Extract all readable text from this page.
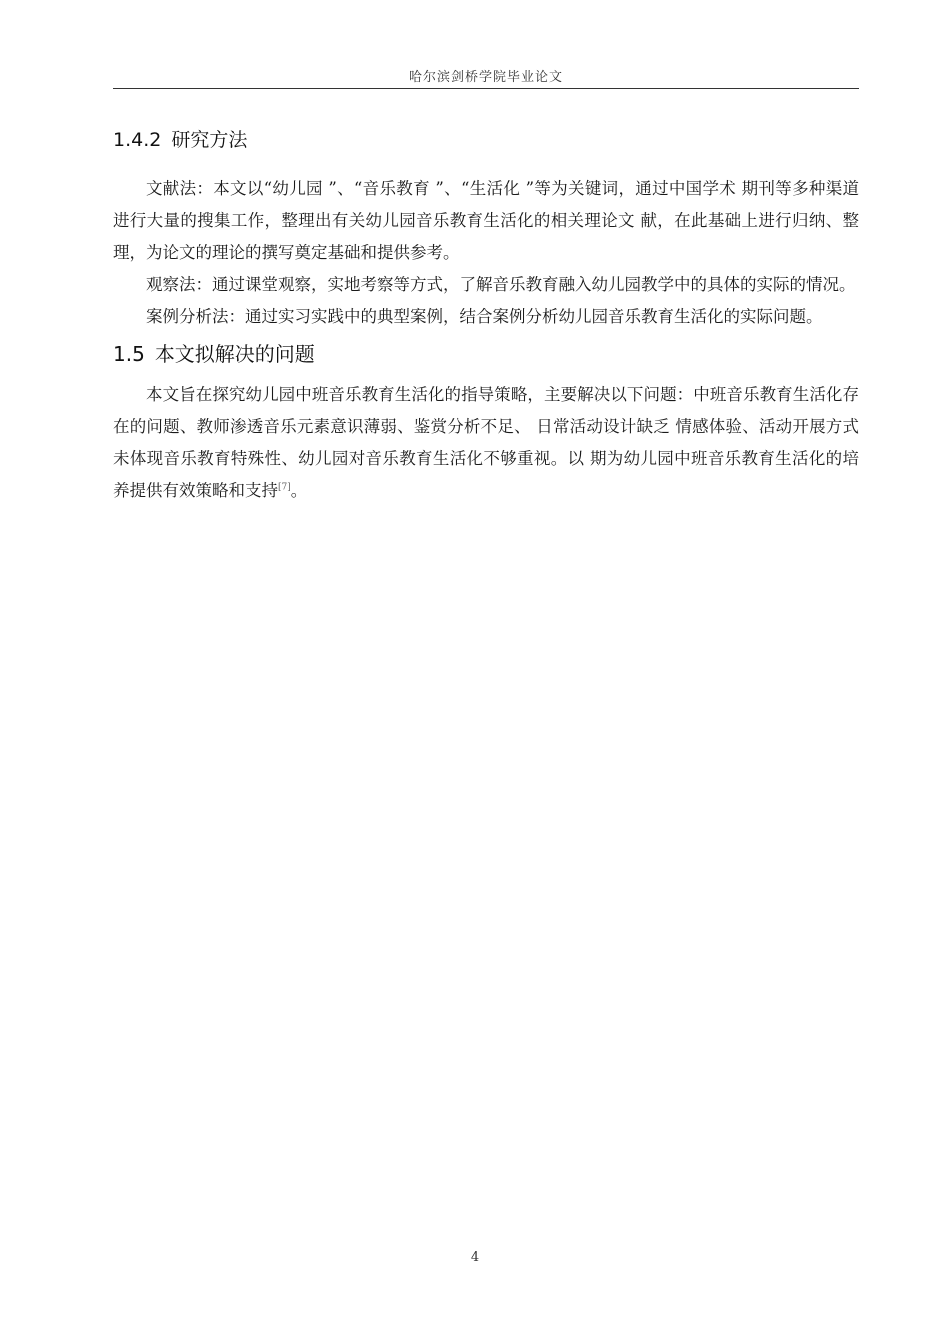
哈尔滨剑桥学院毕业论文
1.4.2 研究方法

文献法：本文以“幼儿园 ”、“音乐教育 ”、“生活化 ”等为关键词，通过中国学术 期刊等多种渠道进行大量的搜集工作，整理出有关幼儿园音乐教育生活化的相关理论文 献，在此基础上进行归纳、整理，为论文的理论的撰写奠定基础和提供参考。

观察法：通过课堂观察，实地考察等方式，了解音乐教育融入幼儿园教学中的具体的实际的情况。

案例分析法：通过实习实践中的典型案例，结合案例分析幼儿园音乐教育生活化的实际问题。

1.5 本文拟解决的问题

本文旨在探究幼儿园中班音乐教育生活化的指导策略，主要解决以下问题：中班音乐教育生活化存在的问题、教师渗透音乐元素意识薄弱、鉴赏分析不足、 日常活动设计缺乏 情感体验、活动开展方式未体现音乐教育特殊性、幼儿园对音乐教育生活化不够重视。以 期为幼儿园中班音乐教育生活化的培养提供有效策略和支持[7]。

4
